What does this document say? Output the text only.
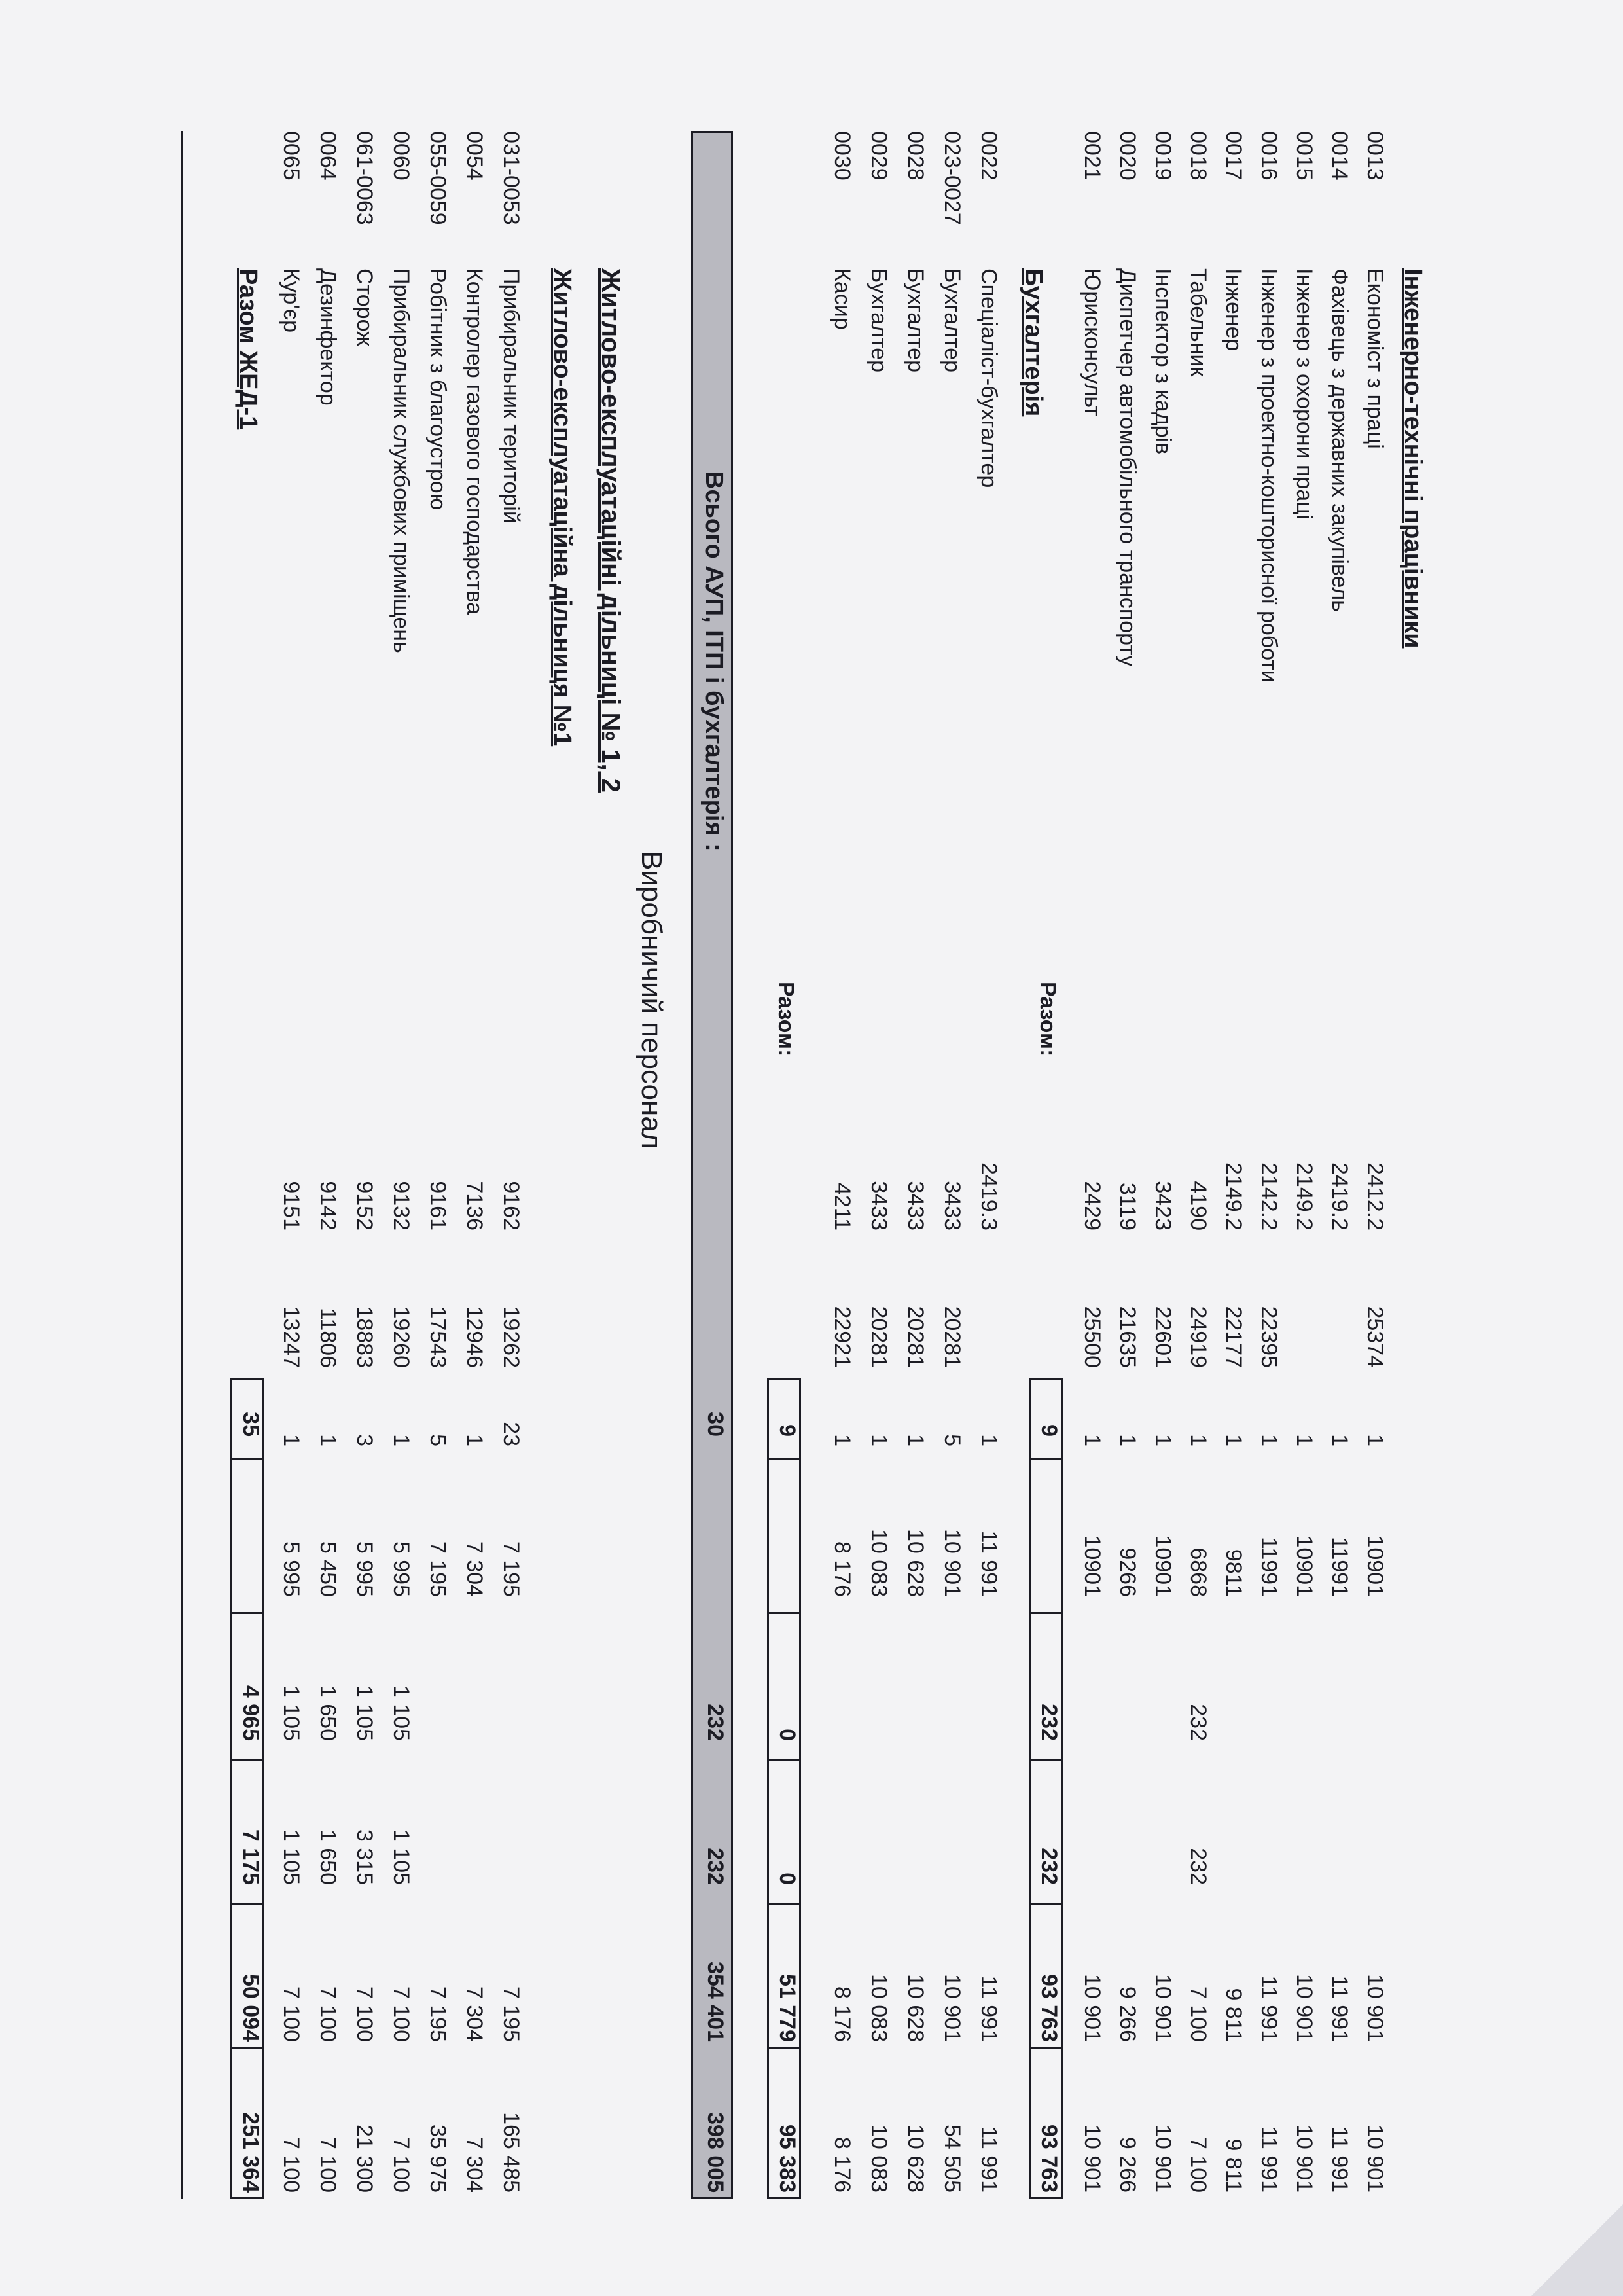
Інженерно-технічні працівники
0013
Економіст з праці
2412.2
25374
1
10901
10 901
10 901
0014
Фахівець з державних закупівель
2419.2
1
11991
11 991
11 991
0015
Інженер з охорони праці
2149.2
1
10901
10 901
10 901
0016
Інженер з проектно-кошторисної роботи
2142.2
22395
1
11991
11 991
11 991
0017
Інженер
2149.2
22177
1
9811
9 811
9 811
0018
Табельник
4190
24919
1
6868
232
232
7 100
7 100
0019
Інспектор з кадрів
3423
22601
1
10901
10 901
10 901
0020
Диспетчер автомобільного транспорту
3119
21635
1
9266
9 266
9 266
0021
Юрисконсульт
2429
25500
1
10901
10 901
10 901
Разом:
9
232
232
93 763
93 763
Бухгалтерія
0022
Спеціаліст-бухгалтер
2419.3
1
11 991
11 991
11 991
023-0027
Бухгалтер
3433
20281
5
10 901
10 901
54 505
0028
Бухгалтер
3433
20281
1
10 628
10 628
10 628
0029
Бухгалтер
3433
20281
1
10 083
10 083
10 083
0030
Касир
4211
22921
1
8 176
8 176
8 176
Разом:
9
0
0
51 779
95 383
Всього АУП, ІТП і бухгалтерія :
30
232
232
354 401
398 005
Виробничий персонал
Житлово-експлуатаційні дільниці № 1, 2
Житлово-експлуатаційна дільниця №1
031-0053
Прибиральник територій
9162
19262
23
7 195
7 195
165 485
0054
Контролер газового господарства
7136
12946
1
7 304
7 304
7 304
055-0059
Робітник з благоустрою
9161
17543
5
7 195
7 195
35 975
0060
Прибиральник службових приміщень
9132
19260
1
5 995
1 105
1 105
7 100
7 100
061-0063
Сторож
9152
18883
3
5 995
1 105
3 315
7 100
21 300
0064
Дезинфектор
9142
11806
1
5 450
1 650
1 650
7 100
7 100
0065
Кур'єр
9151
13247
1
5 995
1 105
1 105
7 100
7 100
Разом ЖЕД-1
35
4 965
7 175
50 094
251 364
